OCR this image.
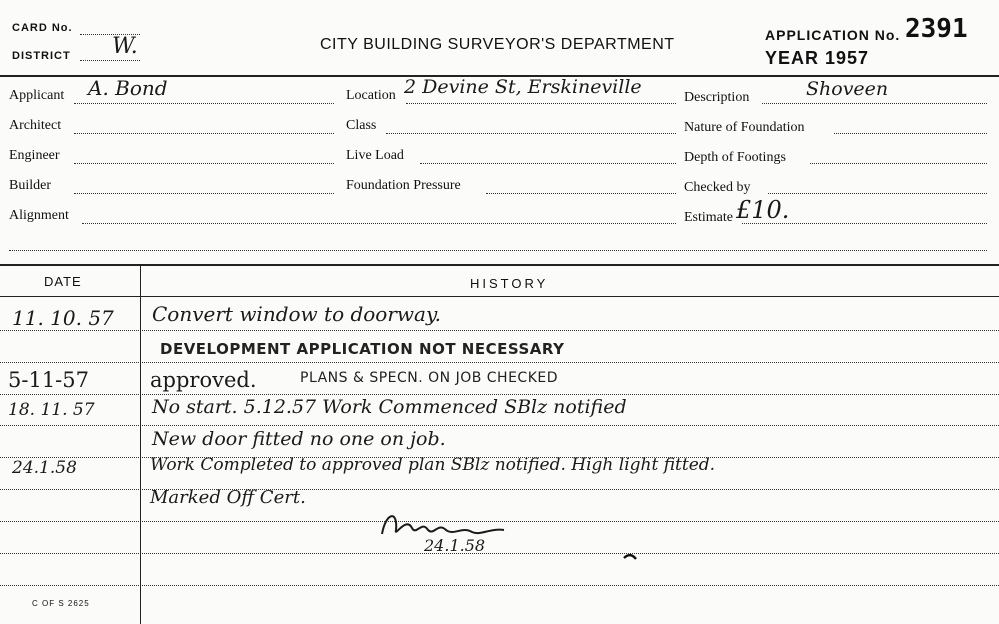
CARD No.
DISTRICT W.	CITY BUILDING SURVEYOR'S DEPARTMENT
APPLICATION No. 2391
YEAR 1957
Applicant A. Bond	Location 2 Devine St, Erskineville	Description	Shoveen
Architect	Class	Nature of Foundation
Engineer	Live Load	Depth of Footings
Builder	Foundation Pressure	Checked by
Alignment	Estimate £10.
DATE	HISTORY
11. 10. 57 Convert window to doorway.
DEVELOPMENT APPLICATION NOT NECESSARY
5-11-57	approved.	PLANS & SPECN. ON JOB CHECKED
18. 11. 57	No start. 5.12.57 Work Commenced SBlz notified
New door fitted no one on job.
24.1.58	Work Completed to approved plan SBlz notified. High light fitted.
Marked Off Cert.
24.1.58
C OF S 2625
